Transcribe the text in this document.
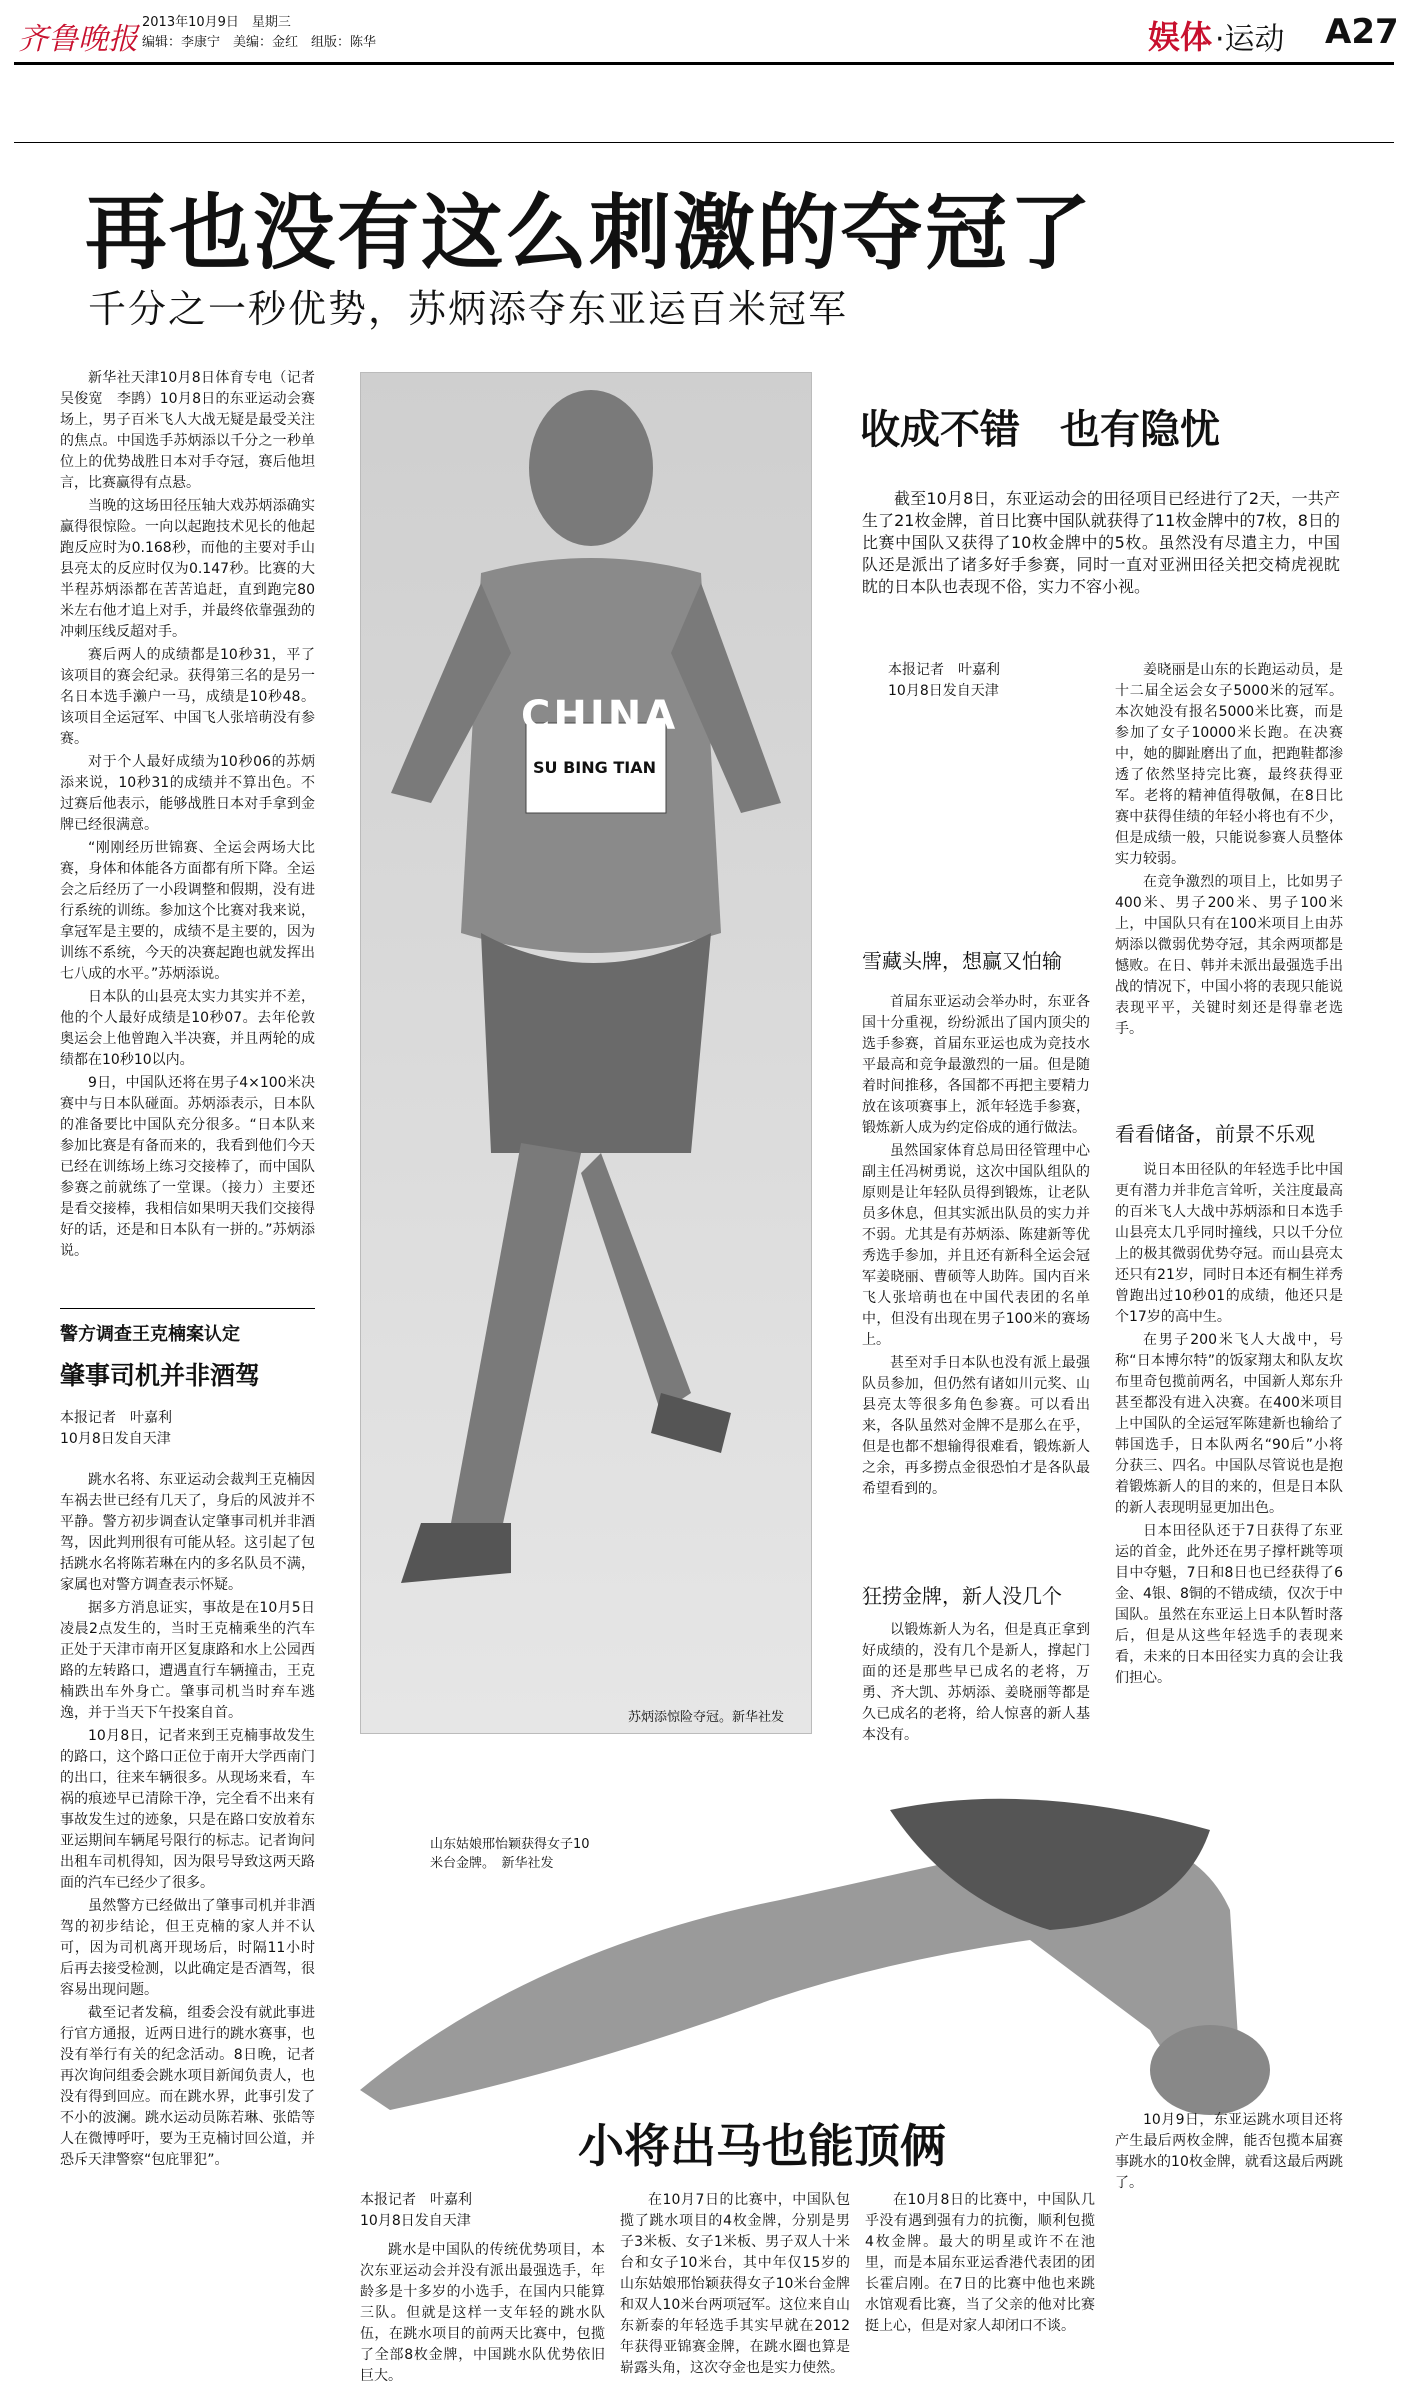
齐鲁晚报 2013年10月9日　 星期三
编辑：李康宁　美编：金红　组版：陈华	娱体 ·运动 A27
再也没有这么刺激的夺冠了
千分之一秒优势，苏炳添夺东亚运百米冠军

新华社天津10月8日体育专电（记者　吴俊宽　李鹍）10月8日的东亚运动会赛场上，男子百米飞人大战无疑是最受关注的焦点。中国选手苏炳添以千分之一秒单位上的优势战胜日本对手夺冠，赛后他坦言，比赛赢得有点悬。

当晚的这场田径压轴大戏苏炳添确实赢得很惊险。一向以起跑技术见长的他起跑反应时为0.168秒，而他的主要对手山县亮太的反应时仅为0.147秒。比赛的大半程苏炳添都在苦苦追赶，直到跑完80米左右他才追上对手，并最终依靠强劲的冲刺压线反超对手。

赛后两人的成绩都是10秒31，平了该项目的赛会纪录。获得第三名的是另一名日本选手濑户一马，成绩是10秒48。该项目全运冠军、中国飞人张培萌没有参赛。

对于个人最好成绩为10秒06的苏炳添来说，10秒31的成绩并不算出色。不过赛后他表示，能够战胜日本对手拿到金牌已经很满意。

“刚刚经历世锦赛、全运会两场大比赛，身体和体能各方面都有所下降。全运会之后经历了一小段调整和假期，没有进行系统的训练。参加这个比赛对我来说，拿冠军是主要的，成绩不是主要的，因为训练不系统，今天的决赛起跑也就发挥出七八成的水平。”苏炳添说。

日本队的山县亮太实力其实并不差，他的个人最好成绩是10秒07。去年伦敦奥运会上他曾跑入半决赛，并且两轮的成绩都在10秒10以内。

9日，中国队还将在男子4×100米决赛中与日本队碰面。苏炳添表示，日本队的准备要比中国队充分很多。“日本队来参加比赛是有备而来的，我看到他们今天已经在训练场上练习交接棒了，而中国队参赛之前就练了一堂课。（接力）主要还是看交接棒，我相信如果明天我们交接得好的话，还是和日本队有一拼的。”苏炳添说。

CHINA
SU BING TIAN
苏炳添惊险夺冠。新华社发
收成不错　也有隐忧

截至10月8日，东亚运动会的田径项目已经进行了2天，一共产生了21枚金牌，首日比赛中国队就获得了11枚金牌中的7枚，8日的比赛中国队又获得了10枚金牌中的5枚。虽然没有尽遣主力，中国队还是派出了诸多好手参赛，同时一直对亚洲田径关把交椅虎视眈眈的日本队也表现不俗，实力不容小视。

本报记者　叶嘉利
10月8日发自天津
雪藏头牌，想赢又怕输

首届东亚运动会举办时，东亚各国十分重视，纷纷派出了国内顶尖的选手参赛，首届东亚运也成为竞技水平最高和竞争最激烈的一届。但是随着时间推移，各国都不再把主要精力放在该项赛事上，派年轻选手参赛，锻炼新人成为约定俗成的通行做法。

虽然国家体育总局田径管理中心副主任冯树勇说，这次中国队组队的原则是让年轻队员得到锻炼，让老队员多休息，但其实派出队员的实力并不弱。尤其是有苏炳添、陈建新等优秀选手参加，并且还有新科全运会冠军姜晓丽、曹硕等人助阵。国内百米飞人张培萌也在中国代表团的名单中，但没有出现在男子100米的赛场上。

甚至对手日本队也没有派上最强队员参加，但仍然有诸如川元奖、山县亮太等很多角色参赛。可以看出来，各队虽然对金牌不是那么在乎，但是也都不想输得很难看，锻炼新人之余，再多撈点金很恐怕才是各队最希望看到的。

狂捞金牌，新人没几个

以锻炼新人为名，但是真正拿到好成绩的，没有几个是新人，撑起门面的还是那些早已成名的老将，万勇、齐大凯、苏炳添、姜晓丽等都是久已成名的老将，给人惊喜的新人基本没有。

姜晓丽是山东的长跑运动员，是十二届全运会女子5000米的冠军。本次她没有报名5000米比赛，而是参加了女子10000米长跑。在决赛中，她的脚趾磨出了血，把跑鞋都渗透了依然坚持完比赛，最终获得亚军。老将的精神值得敬佩，在8日比赛中获得佳绩的年轻小将也有不少，但是成绩一般，只能说参赛人员整体实力较弱。

在竞争激烈的项目上，比如男子400米、男子200米、男子100米上，中国队只有在100米项目上由苏炳添以微弱优势夺冠，其余两项都是憾败。在日、韩并未派出最强选手出战的情况下，中国小将的表现只能说表现平平，关键时刻还是得靠老选手。

看看储备，前景不乐观

说日本田径队的年轻选手比中国更有潜力并非危言耸听，关注度最高的百米飞人大战中苏炳添和日本选手山县亮太几乎同时撞线，只以千分位上的极其微弱优势夺冠。而山县亮太还只有21岁，同时日本还有桐生祥秀曾跑出过10秒01的成绩，他还只是个17岁的高中生。

在男子200米飞人大战中，号称“日本博尔特”的饭家翔太和队友坎布里奇包揽前两名，中国新人郑东升甚至都没有进入决赛。在400米项目上中国队的全运冠军陈建新也输给了韩国选手，日本队两名“90后”小将分获三、四名。中国队尽管说也是抱着锻炼新人的目的来的，但是日本队的新人表现明显更加出色。

日本田径队还于7日获得了东亚运的首金，此外还在男子撑杆跳等项目中夺魁，7日和8日也已经获得了6金、4银、8铜的不错成绩，仅次于中国队。虽然在东亚运上日本队暂时落后，但是从这些年轻选手的表现来看，未来的日本田径实力真的会让我们担心。

警方调查王克楠案认定
肇事司机并非酒驾
本报记者　叶嘉利
10月8日发自天津

跳水名将、东亚运动会裁判王克楠因车祸去世已经有几天了，身后的风波并不平静。警方初步调查认定肇事司机并非酒驾，因此判刑很有可能从轻。这引起了包括跳水名将陈若琳在内的多名队员不满，家属也对警方调查表示怀疑。

据多方消息证实，事故是在10月5日凌晨2点发生的，当时王克楠乘坐的汽车正处于天津市南开区复康路和水上公园西路的左转路口，遭遇直行车辆撞击，王克楠跌出车外身亡。肇事司机当时弃车逃逸，并于当天下午投案自首。

10月8日，记者来到王克楠事故发生的路口，这个路口正位于南开大学西南门的出口，往来车辆很多。从现场来看，车祸的痕迹早已清除干净，完全看不出来有事故发生过的迹象，只是在路口安放着东亚运期间车辆尾号限行的标志。记者询问出租车司机得知，因为限号导致这两天路面的汽车已经少了很多。

虽然警方已经做出了肇事司机并非酒驾的初步结论，但王克楠的家人并不认可，因为司机离开现场后，时隔11小时后再去接受检测，以此确定是否酒驾，很容易出现问题。

截至记者发稿，组委会没有就此事进行官方通报，近两日进行的跳水赛事，也没有举行有关的纪念活动。8日晚，记者再次询问组委会跳水项目新闻负责人，也没有得到回应。而在跳水界，此事引发了不小的波澜。跳水运动员陈若琳、张皓等人在微博呼吁，要为王克楠讨回公道，并恐斥天津警察“包庇罪犯”。

山东姑娘邢怡颖获得女子10米台金牌。　新华社发
小将出马也能顶俩
本报记者　叶嘉利
10月8日发自天津

跳水是中国队的传统优势项目，本次东亚运动会并没有派出最强选手，年龄多是十多岁的小选手，在国内只能算三队。但就是这样一支年轻的跳水队伍，在跳水项目的前两天比赛中，包揽了全部8枚金牌，中国跳水队优势依旧巨大。

在10月7日的比赛中，中国队包揽了跳水项目的4枚金牌，分别是男子3米板、女子1米板、男子双人十米台和女子10米台，其中年仅15岁的山东姑娘邢怡颖获得女子10米台金牌和双人10米台两项冠军。这位来自山东新泰的年轻选手其实早就在2012年获得亚锦赛金牌，在跳水圈也算是崭露头角，这次夺金也是实力使然。

在10月8日的比赛中，中国队几乎没有遇到强有力的抗衡，顺利包揽4枚金牌。最大的明星或许不在池里，而是本届东亚运香港代表团的团长霍启刚。在7日的比赛中他也来跳水馆观看比赛，当了父亲的他对比赛挺上心，但是对家人却闭口不谈。

10月9日，东亚运跳水项目还将产生最后两枚金牌，能否包揽本届赛事跳水的10枚金牌，就看这最后两跳了。
